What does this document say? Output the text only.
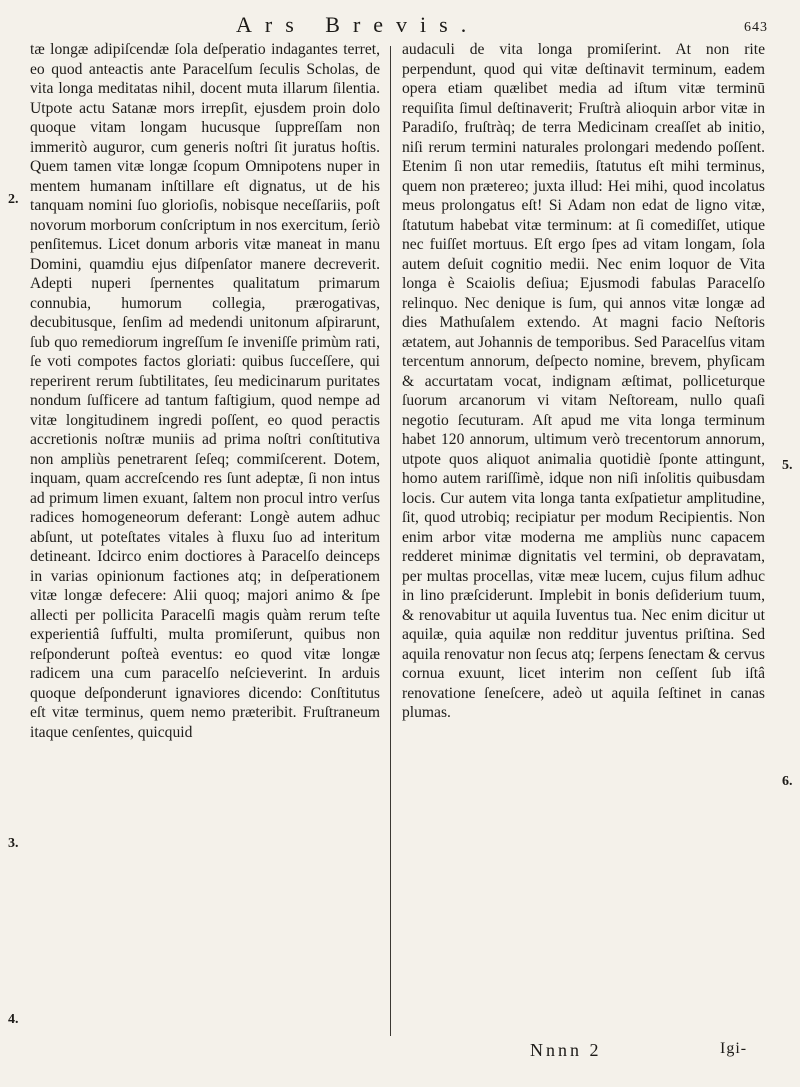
Ars Brevis.	643

tæ longæ adipiſcendæ ſola deſperatio indagantes terret, eo quod anteactis ante Paracelſum ſeculis Scholas, de vita longa meditatas nihil, docent muta illarum ſilentia. Utpote actu Satanæ mors irrepſit, ejusdem proin dolo quoque vitam longam hucusque ſuppreſſam non immeritò auguror, cum generis noſtri ſit juratus hoſtis. Quem tamen vitæ longæ ſcopum Omnipotens nuper in mentem humanam inſtillare eſt dignatus, ut de his tanquam nomini ſuo glorioſis, nobisque neceſſariis, poſt novorum morborum conſcriptum in nos exercitum, ſeriò penſitemus. Licet donum arboris vitæ maneat in manu Domini, quamdiu ejus diſpenſator manere decreverit. Adepti nuperi ſpernentes qualitatum primarum connubia, humorum collegia, prærogativas, decubitusque, ſenſim ad medendi unitonum aſpirarunt, ſub quo remediorum ingreſſum ſe inveniſſe primùm rati, ſe voti compotes factos gloriati: quibus ſucceſſere, qui reperirent rerum ſubtilitates, ſeu medicinarum puritates nondum ſuſficere ad tantum faſtigium, quod nempe ad vitæ longitudinem ingredi poſſent, eo quod peractis accretionis noſtræ muniis ad prima noſtri conſtitutiva non ampliùs penetrarent ſeſeq; commiſcerent. Dotem, inquam, quam accreſcendo res ſunt adeptæ, ſi non intus ad primum limen exuant, ſaltem non procul intro verſus radices homogeneorum deferant: Longè autem adhuc abſunt, ut poteſtates vitales à fluxu ſuo ad interitum detineant. Idcirco enim doctiores à Paracelſo deinceps in varias opinionum factiones atq; in deſperationem vitæ longæ defecere: Alii quoq; majori animo & ſpe allecti per pollicita Paracelſi magis quàm rerum teſte experientiâ ſuffulti, multa promiſerunt, quibus non reſponderunt poſteà eventus: eo quod vitæ longæ radicem una cum paracelſo neſcieverint. In arduis quoque deſponderunt ignaviores dicendo: Conſtitutus eſt vitæ terminus, quem nemo præteribit. Fruſtraneum itaque cenſentes, quicquid

audaculi de vita longa promiſerint. At non rite perpendunt, quod qui vitæ deſtinavit terminum, eadem opera etiam quælibet media ad iſtum vitæ terminū requiſita ſimul deſtinaverit; Fruſtrà alioquin arbor vitæ in Paradiſo, fruſtràq; de terra Medicinam creaſſet ab initio, niſi rerum termini naturales prolongari medendo poſſent. Etenim ſi non utar remediis, ſtatutus eſt mihi terminus, quem non prætereo; juxta illud: Hei mihi, quod incolatus meus prolongatus eſt! Si Adam non edat de ligno vitæ, ſtatutum habebat vitæ terminum: at ſi comediſſet, utique nec fuiſſet mortuus. Eſt ergo ſpes ad vitam longam, ſola autem deſuit cognitio medii. Nec enim loquor de Vita longa è Scaiolis deſiua; Ejusmodi fabulas Paracelſo relinquo. Nec denique is ſum, qui annos vitæ longæ ad dies Mathuſalem extendo. At magni facio Neſtoris ætatem, aut Johannis de temporibus. Sed Paracelſus vitam tercentum annorum, deſpecto nomine, brevem, phyſicam & accurtatam vocat, indignam æſtimat, polliceturque ſuorum arcanorum vi vitam Neſtoream, nullo quaſi negotio ſecuturam. Aſt apud me vita longa terminum habet 120 annorum, ultimum verò trecentorum annorum, utpote quos aliquot animalia quotidiè ſponte attingunt, homo autem rariſſimè, idque non niſi inſolitis quibusdam locis. Cur autem vita longa tanta exſpatietur amplitudine, ſit, quod utrobiq; recipiatur per modum Recipientis. Non enim arbor vitæ moderna me ampliùs nunc capacem redderet minimæ dignitatis vel termini, ob depravatam, per multas procellas, vitæ meæ lucem, cujus filum adhuc in lino præſciderunt. Implebit in bonis deſiderium tuum, & renovabitur ut aquila Iuventus tua. Nec enim dicitur ut aquilæ, quia aquilæ non redditur juventus priſtina. Sed aquila renovatur non ſecus atq; ſerpens ſenectam & cervus cornua exuunt, licet interim non ceſſent ſub iſtâ renovatione ſeneſcere, adeò ut aquila ſeſtinet in canas plumas.

2.
3.
4.
5.
6.
Nnnn 2	Igi-
